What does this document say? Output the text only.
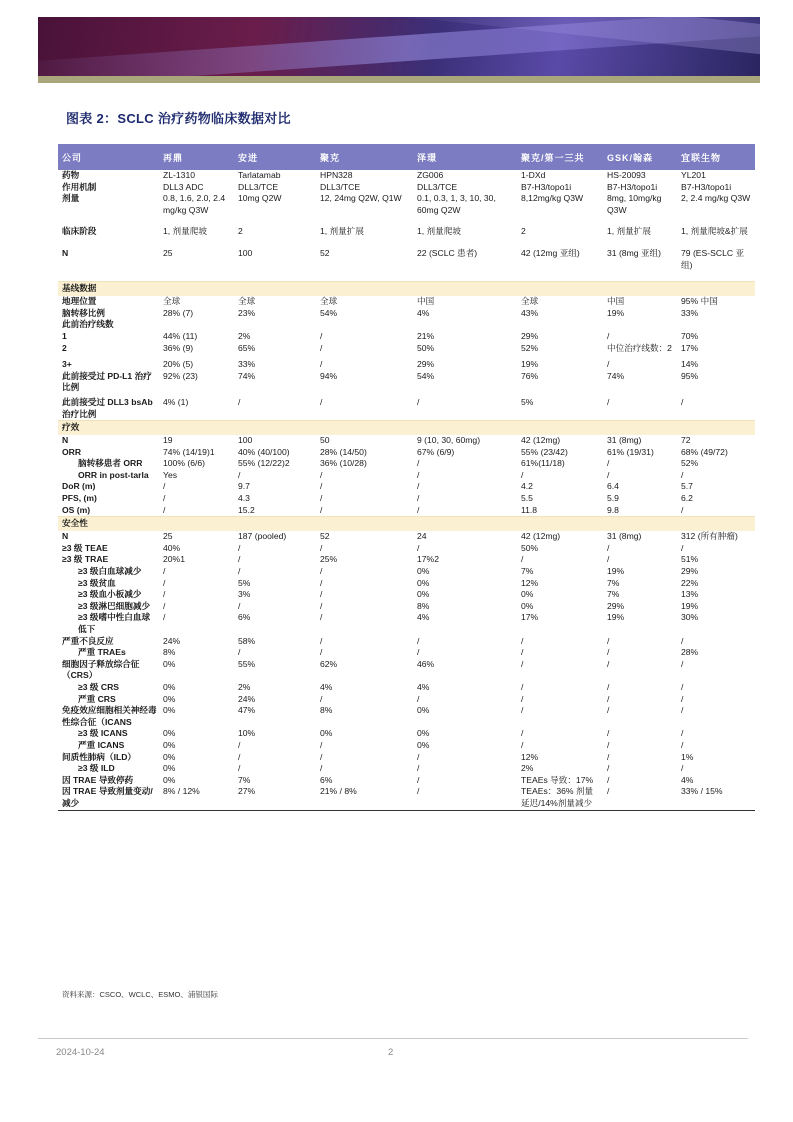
图表 2：SCLC 治疗药物临床数据对比
公司	再鼎	安进	聚克	泽璟	聚克/第一三共	GSK/翰森	宜联生物
药物	ZL-1310	Tarlatamab	HPN328	ZG006	1-DXd	HS-20093	YL201
作用机制	DLL3 ADC	DLL3/TCE	DLL3/TCE	DLL3/TCE	B7-H3/topo1i	B7-H3/topo1i	B7-H3/topo1i
剂量	0.8, 1.6, 2.0, 2.4 mg/kg Q3W	10mg Q2W	12, 24mg Q2W, Q1W	0.1, 0.3, 1, 3, 10, 30, 60mg Q2W	8,12mg/kg Q3W	8mg, 10mg/kg Q3W	2, 2.4 mg/kg Q3W
临床阶段	1, 剂量爬坡	2	1, 剂量扩展	1, 剂量爬坡	2	1, 剂量扩展	1, 剂量爬坡&扩展
N	25	100	52	22 (SCLC 患者)	42 (12mg 亚组)	31 (8mg 亚组)	79 (ES-SCLC 亚组)
基线数据							
地理位置	全球	全球	全球	中国	全球	中国	95% 中国
脑转移比例	28% (7)	23%	54%	4%	43%	19%	33%
此前治疗线数							
1	44% (11)	2%	/	21%	29%	/	70%
2	36% (9)	65%	/	50%	52%	中位治疗线数：2	17%
3+	20% (5)	33%	/	29%	19%	/	14%
此前接受过 PD-L1 治疗比例	92% (23)	74%	94%	54%	76%	74%	95%
此前接受过 DLL3 bsAb 治疗比例	4% (1)	/	/	/	5%	/	/
疗效							
N	19	100	50	9 (10, 30, 60mg)	42 (12mg)	31 (8mg)	72
ORR	74% (14/19)1	40% (40/100)	28% (14/50)	67% (6/9)	55% (23/42)	61% (19/31)	68% (49/72)
脑转移患者 ORR	100% (6/6)	55% (12/22)2	36% (10/28)	/	61%(11/18)	/	52%
ORR in post-tarla	Yes	/	/	/	/	/	/
DoR (m)	/	9.7	/	/	4.2	6.4	5.7
PFS, (m)	/	4.3	/	/	5.5	5.9	6.2
OS (m)	/	15.2	/	/	11.8	9.8	/
安全性							
N	25	187 (pooled)	52	24	42 (12mg)	31 (8mg)	312 (所有肿瘤)
≥3 级 TEAE	40%	/	/	/	50%	/	/
≥3 级 TRAE	20%1	/	25%	17%2	/	/	51%
≥3 级白血球减少	/	/	/	0%	7%	19%	29%
≥3 级贫血	/	5%	/	0%	12%	7%	22%
≥3 级血小板减少	/	3%	/	0%	0%	7%	13%
≥3 级淋巴细胞减少	/	/	/	8%	0%	29%	19%
≥3 级嗜中性白血球低下	/	6%	/	4%	17%	19%	30%
严重不良反应	24%	58%	/	/	/	/	/
严重 TRAEs	8%	/	/	/	/	/	28%
细胞因子释放综合征（CRS）	0%	55%	62%	46%	/	/	/
≥3 级 CRS	0%	2%	4%	4%	/	/	/
严重 CRS	0%	24%	/	/	/	/	/
免疫效应细胞相关神经毒性综合征（ICANS	0%	47%	8%	0%	/	/	/
≥3 级 ICANS	0%	10%	0%	0%	/	/	/
严重 ICANS	0%	/	/	0%	/	/	/
间质性肺病（ILD）	0%	/	/	/	12%	/	1%
≥3 级 ILD	0%	/	/	/	2%	/	/
因 TRAE 导致停药	0%	7%	6%	/	TEAEs 导致：17%	/	4%
因 TRAE 导致剂量变动/减少	8% / 12%	27%	21% / 8%	/	TEAEs：36% 剂量延迟/14%剂量减少	/	33% / 15%
资料来源：CSCO、WCLC、ESMO、浦银国际
2024-10-24	2
